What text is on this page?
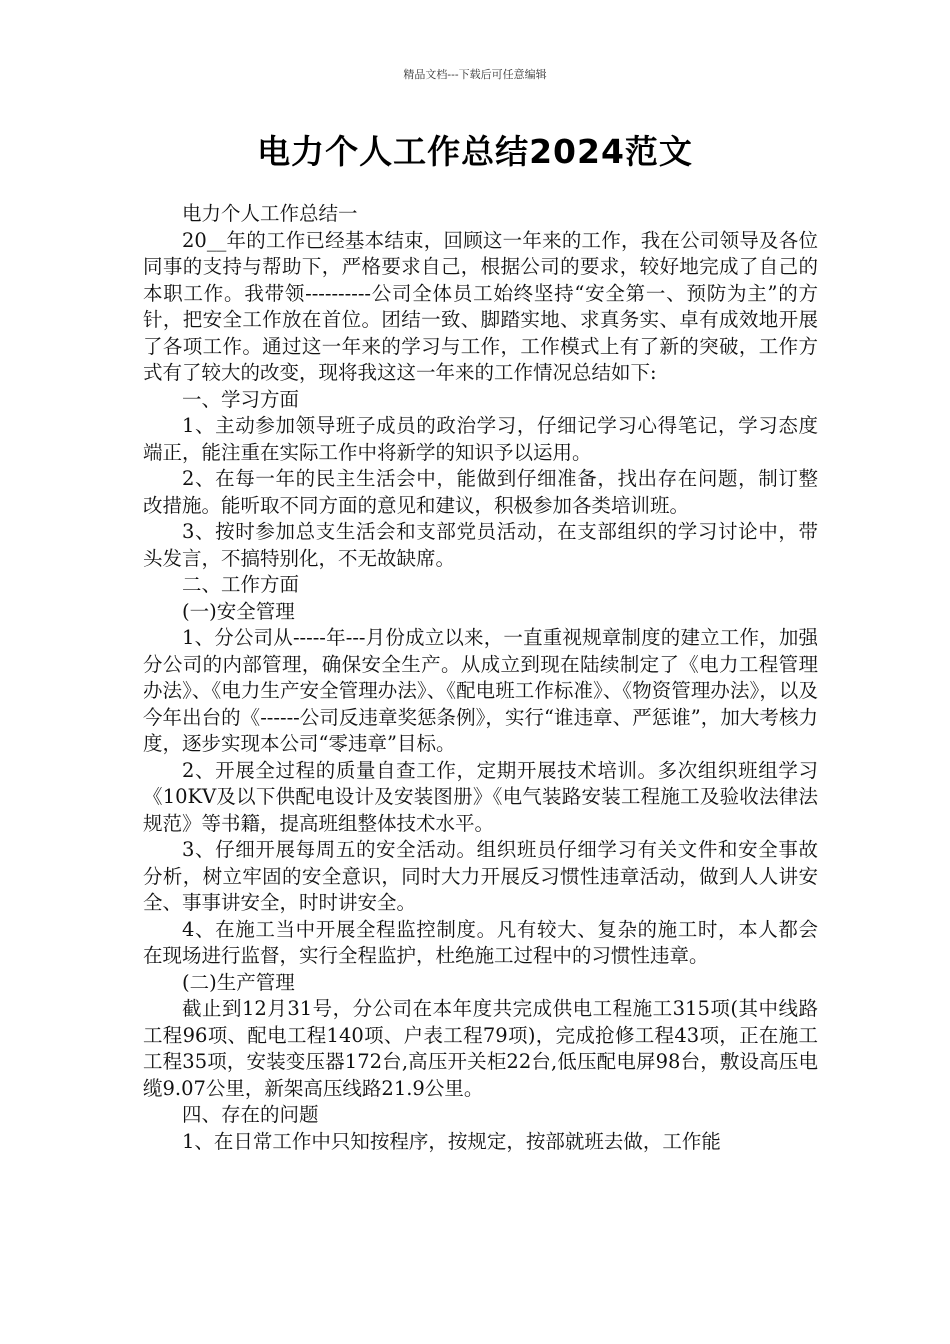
精品文档---下载后可任意编辑
电力个人工作总结2024范文

电力个人工作总结一

20__年的工作已经基本结束，回顾这一年来的工作，我在公司领导及各位同事的支持与帮助下，严格要求自己，根据公司的要求，较好地完成了自己的本职工作。我带领----------公司全体员工始终坚持“安全第一、预防为主”的方针，把安全工作放在首位。团结一致、脚踏实地、求真务实、卓有成效地开展了各项工作。通过这一年来的学习与工作，工作模式上有了新的突破，工作方式有了较大的改变，现将我这这一年来的工作情况总结如下:

一、学习方面

1、主动参加领导班子成员的政治学习，仔细记学习心得笔记，学习态度端正，能注重在实际工作中将新学的知识予以运用。

2、在每一年的民主生活会中，能做到仔细准备，找出存在问题，制订整改措施。能听取不同方面的意见和建议，积极参加各类培训班。

3、按时参加总支生活会和支部党员活动，在支部组织的学习讨论中，带头发言，不搞特别化，不无故缺席。

二、工作方面

(一)安全管理

1、分公司从-----年---月份成立以来，一直重视规章制度的建立工作，加强分公司的内部管理，确保安全生产。从成立到现在陆续制定了《电力工程管理办法》、《电力生产安全管理办法》、《配电班工作标准》、《物资管理办法》，以及今年出台的《------公司反违章奖惩条例》，实行“谁违章、严惩谁”，加大考核力度，逐步实现本公司“零违章”目标。

2、开展全过程的质量自查工作，定期开展技术培训。多次组织班组学习《10KV及以下供配电设计及安装图册》《电气装路安装工程施工及验收法律法规范》等书籍，提高班组整体技术水平。

3、仔细开展每周五的安全活动。组织班员仔细学习有关文件和安全事故分析，树立牢固的安全意识，同时大力开展反习惯性违章活动，做到人人讲安全、事事讲安全，时时讲安全。

4、在施工当中开展全程监控制度。凡有较大、复杂的施工时，本人都会在现场进行监督，实行全程监护，杜绝施工过程中的习惯性违章。

(二)生产管理

截止到12月31号，分公司在本年度共完成供电工程施工315项(其中线路工程96项、配电工程140项、户表工程79项)，完成抢修工程43项，正在施工工程35项，安装变压器172台,高压开关柜22台,低压配电屏98台，敷设高压电缆9.07公里，新架高压线路21.9公里。

四、存在的问题

1、在日常工作中只知按程序，按规定，按部就班去做，工作能
